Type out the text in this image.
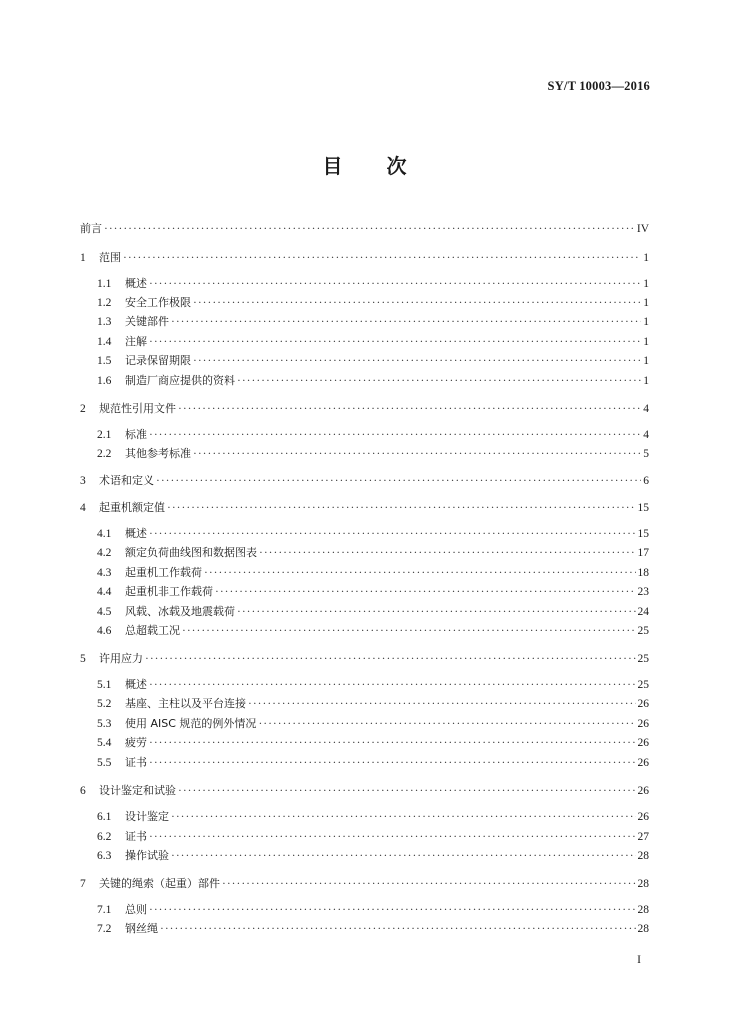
SY/T 10003—2016
目 次
前言 ·····	IV
1	范围 ·····	1
1.1	概述 ·····	1
1.2	安全工作极限 ·····	1
1.3	关键部件 ·····	1
1.4	注解 ·····	1
1.5	记录保留期限 ·····	1
1.6	制造厂商应提供的资料 ·····	1
2	规范性引用文件 ·····	4
2.1	标准 ·····	4
2.2	其他参考标准 ·····	5
3	术语和定义 ·····	6
4	起重机额定值 ·····	15
4.1	概述 ·····	15
4.2	额定负荷曲线图和数据图表 ·····	17
4.3	起重机工作载荷 ·····	18
4.4	起重机非工作载荷 ·····	23
4.5	风载、冰载及地震载荷 ·····	24
4.6	总超载工况 ·····	25
5	许用应力 ·····	25
5.1	概述 ·····	25
5.2	基座、主柱以及平台连接 ·····	26
5.3	使用 AISC 规范的例外情况 ·····	26
5.4	疲劳 ·····	26
5.5	证书 ·····	26
6	设计鉴定和试验 ·····	26
6.1	设计鉴定 ·····	26
6.2	证书 ·····	27
6.3	操作试验 ·····	28
7	关键的绳索（起重）部件 ·····	28
7.1	总则 ·····	28
7.2	钢丝绳 ·····	28
I
